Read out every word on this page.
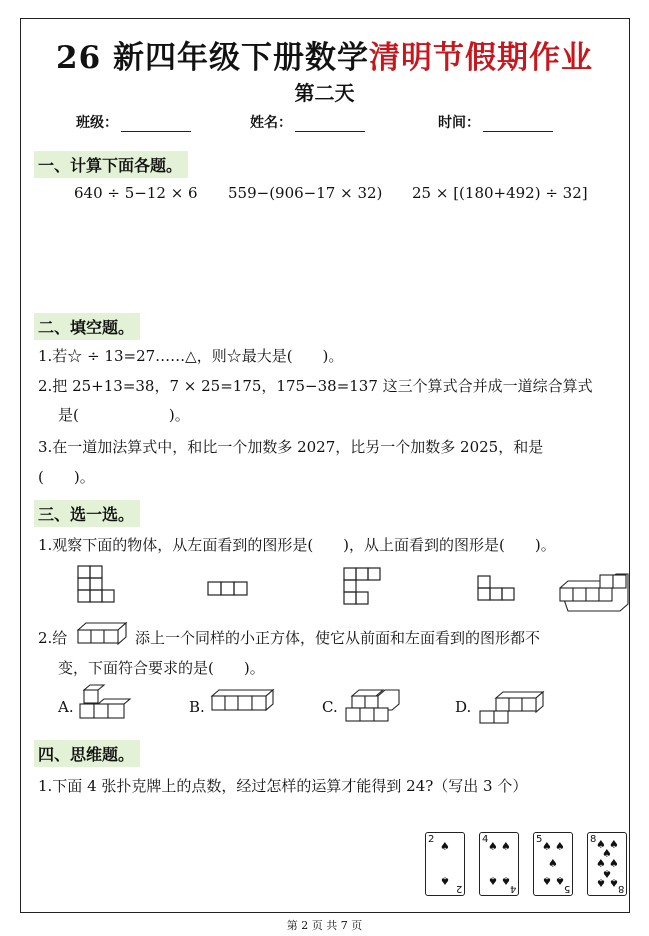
26 新四年级下册数学清明节假期作业
第二天
班级：	姓名：	时间：
一、计算下面各题。
640 ÷ 5−12 × 6 559−(906−17 × 32) 25 × [(180+492) ÷ 32]
二、填空题。
1.若☆ ÷ 13=27……△，则☆最大是(　　)。
2.把 25+13=38，7 × 25=175，175−38=137 这三个算式合并成一道综合算式
是(　　　　　　)。
3.在一道加法算式中，和比一个加数多 2027，比另一个加数多 2025，和是
(　　)。
三、选一选。
1.观察下面的物体，从左面看到的图形是(　　)，从上面看到的图形是(　　)。
2.给	添上一个同样的小正方体，使它从前面和左面看到的图形都不
变，下面符合要求的是(　　)。
A.	B.	C.	D.
四、思维题。
1.下面 4 张扑克牌上的点数，经过怎样的运算才能得到 24?（写出 3 个）
2
2
♠
♠
4
4
♠ ♠
♠ ♠
5
5
♠ ♠
♠
♠ ♠
8
8
♠ ♠
♠
♠ ♠
♠
♠ ♠
第 2 页 共 7 页
